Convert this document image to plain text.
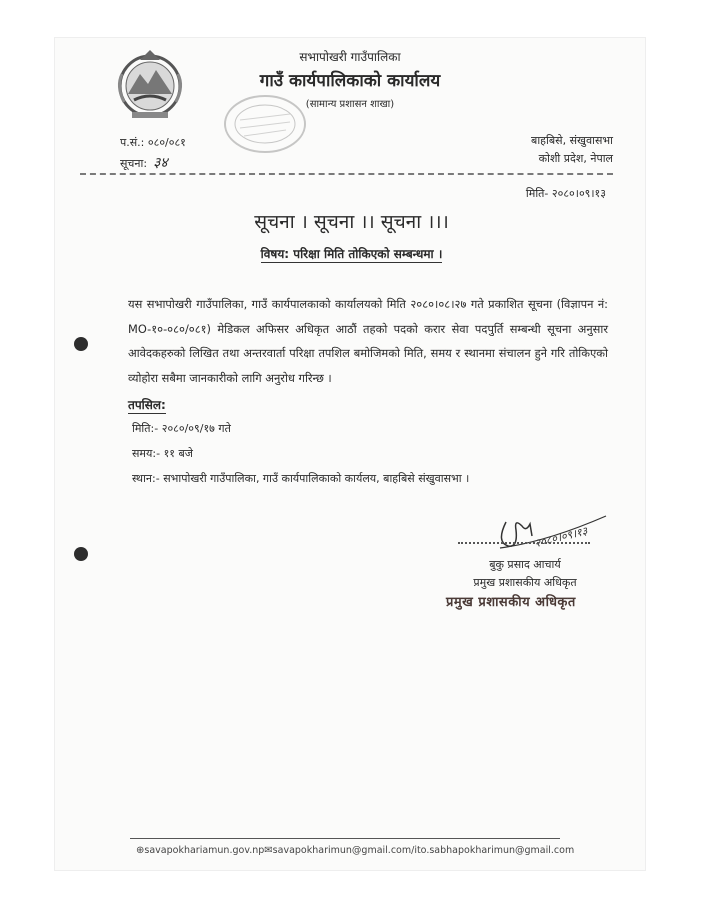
सभापोखरी गाउँपालिका
गाउँ कार्यपालिकाको कार्यालय
(सामान्य प्रशासन शाखा)
प.सं.: ०८०/०८१
सूचना: ३४
बाहबिसे, संखुवासभा
कोशी प्रदेश, नेपाल
मिति- २०८०।०९।१३
सूचना । सूचना ।। सूचना ।।।
विषय: परिक्षा मिति तोकिएको सम्बन्धमा ।
यस सभापोखरी गाउँपालिका, गाउँ कार्यपालकाको कार्यालयको मिति २०८०।०८।२७ गते प्रकाशित सूचना (विज्ञापन नं: MO-१०-०८०/०८१) मेडिकल अफिसर अधिकृत आठौं तहको पदको करार सेवा पदपुर्ति सम्बन्धी सूचना अनुसार आवेदकहरुको लिखित तथा अन्तरवार्ता परिक्षा तपशिल बमोजिमको मिति, समय र स्थानमा संचालन हुने गरि तोकिएको व्योहोरा सबैमा जानकारीको लागि अनुरोध गरिन्छ ।
तपसिल:
मिति:- २०८०/०९/१७ गते
समय:- ११ बजे
स्थान:- सभापोखरी गाउँपालिका, गाउँ कार्यपालिकाको कार्यलय, बाहबिसे संखुवासभा ।
२०८०।०९।१३
बुकु प्रसाद आचार्य
प्रमुख प्रशासकीय अधिकृत
प्रमुख प्रशासकीय अधिकृत
⊕savapokhariamun.gov.np✉savapokharimun@gmail.com/ito.sabhapokharimun@gmail.com
